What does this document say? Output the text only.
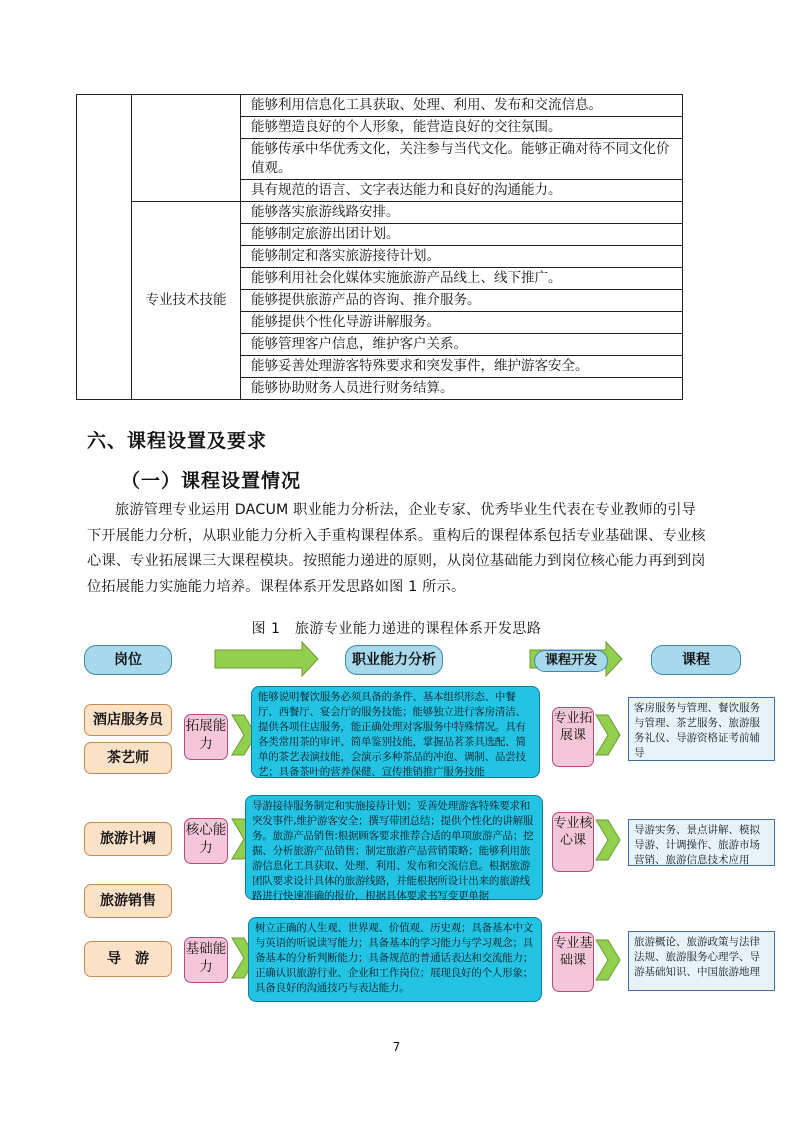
		能够利用信息化工具获取、处理、利用、发布和交流信息。
		能够塑造良好的个人形象，能营造良好的交往氛围。
		能够传承中华优秀文化，关注参与当代文化。能够正确对待不同文化价值观。
		具有规范的语言、文字表达能力和良好的沟通能力。
	专业技术技能	能够落实旅游线路安排。
		能够制定旅游出团计划。
		能够制定和落实旅游接待计划。
		能够利用社会化媒体实施旅游产品线上、线下推广。
		能够提供旅游产品的咨询、推介服务。
		能够提供个性化导游讲解服务。
		能够管理客户信息，维护客户关系。
		能够妥善处理游客特殊要求和突发事件，维护游客安全。
		能够协助财务人员进行财务结算。
六、课程设置及要求
（一）课程设置情况
旅游管理专业运用 DACUM 职业能力分析法，企业专家、优秀毕业生代表在专业教师的引导下开展能力分析，从职业能力分析入手重构课程体系。重构后的课程体系包括专业基础课、专业核心课、专业拓展课三大课程模块。按照能力递进的原则，从岗位基础能力到岗位核心能力再到到岗位拓展能力实施能力培养。课程体系开发思路如图 1 所示。
图 1　旅游专业能力递进的课程体系开发思路
岗位	职业能力分析	课程开发	课程
酒店服务员
茶艺师
旅游计调
旅游销售
导　游
拓展能力
核心能力
基础能力
能够说明餐饮服务必须具备的条件、基本组织形态、中餐厅、西餐厅、宴会厅的服务技能；能够独立进行客房清洁、提供各项住店服务，能正确处理对客服务中特殊情况。具有各类常用茶的审评、简单鉴别技能，掌握品茗茶具选配、简单的茶艺表演技能，会演示多种茶品的冲泡、调制、品尝技艺；具备茶叶的营养保健、宣传推销推广服务技能
导游接待服务制定和实施接待计划；妥善处理游客特殊要求和突发事件,维护游客安全；撰写带团总结；提供个性化的讲解服务。旅游产品销售:根据顾客要求推荐合适的单项旅游产品；挖掘、分析旅游产品销售；制定旅游产品营销策略；能够利用旅游信息化工具获取、处理、利用、发布和交流信息。根据旅游团队要求设计具体的旅游线路，并能根据所设计出来的旅游线路进行快速准确的报价，根据具体要求书写变更单据
树立正确的人生观、世界观、价值观、历史观；具备基本中文与英语的听说读写能力；具备基本的学习能力与学习观念；具备基本的分析判断能力；具备规范的普通话表达和交流能力；正确认识旅游行业、企业和工作岗位；展现良好的个人形象；具备良好的沟通技巧与表达能力。
专业拓展课
专业核心课
专业基础课
客房服务与管理、餐饮服务与管理、茶艺服务、旅游服务礼仪、导游资格证考前辅导
导游实务、景点讲解、模拟导游、计调操作、旅游市场营销、旅游信息技术应用
旅游概论、旅游政策与法律法规、旅游服务心理学、导游基础知识、中国旅游地理
7
